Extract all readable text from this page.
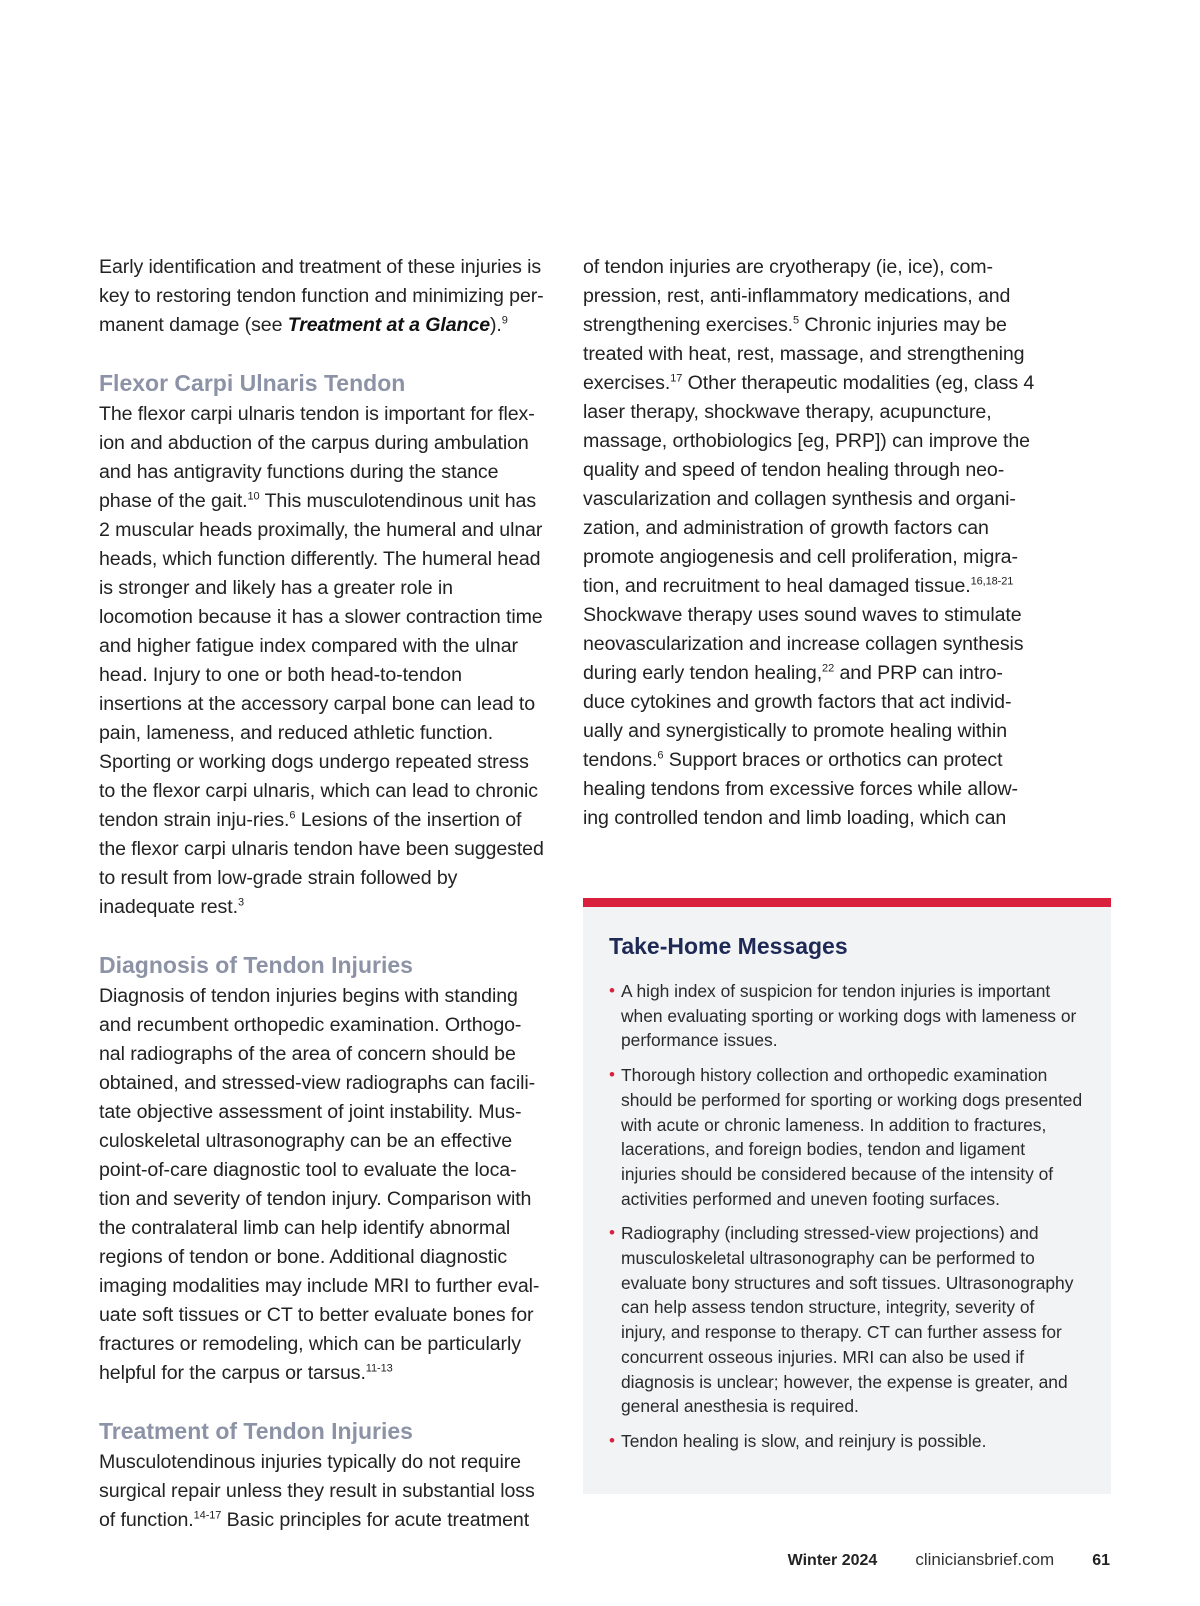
Early identification and treatment of these injuries is key to restoring tendon function and minimizing per-manent damage (see Treatment at a Glance).$^9$

Flexor Carpi Ulnaris Tendon

The flexor carpi ulnaris tendon is important for flex-ion and abduction of the carpus during ambulation and has antigravity functions during the stance phase of the gait.$^{10}$ This musculotendinous unit has 2 muscular heads proximally, the humeral and ulnar heads, which function differently. The humeral head is stronger and likely has a greater role in locomotion because it has a slower contraction time and higher fatigue index compared with the ulnar head. Injury to one or both head-to-tendon insertions at the accessory carpal bone can lead to pain, lameness, and reduced athletic function. Sporting or working dogs undergo repeated stress to the flexor carpi ulnaris, which can lead to chronic tendon strain inju-ries.$^6$ Lesions of the insertion of the flexor carpi ulnaris tendon have been suggested to result from low-grade strain followed by inadequate rest.$^3$

Diagnosis of Tendon Injuries

Diagnosis of tendon injuries begins with standing and recumbent orthopedic examination. Orthogo-nal radiographs of the area of concern should be obtained, and stressed-view radiographs can facili-tate objective assessment of joint instability. Mus-culoskeletal ultrasonography can be an effective point-of-care diagnostic tool to evaluate the loca-tion and severity of tendon injury. Comparison with the contralateral limb can help identify abnormal regions of tendon or bone. Additional diagnostic imaging modalities may include MRI to further eval-uate soft tissues or CT to better evaluate bones for fractures or remodeling, which can be particularly helpful for the carpus or tarsus.$^{11-13}$

Treatment of Tendon Injuries

Musculotendinous injuries typically do not require surgical repair unless they result in substantial loss of function.$^{14-17}$ Basic principles for acute treatment

of tendon injuries are cryotherapy (ie, ice), com-pression, rest, anti-inflammatory medications, and strengthening exercises.$^5$ Chronic injuries may be treated with heat, rest, massage, and strengthening exercises.$^{17}$ Other therapeutic modalities (eg, class 4 laser therapy, shockwave therapy, acupuncture, massage, orthobiologics [eg, PRP]) can improve the quality and speed of tendon healing through neo-vascularization and collagen synthesis and organi-zation, and administration of growth factors can promote angiogenesis and cell proliferation, migra-tion, and recruitment to heal damaged tissue.$^{16,18-21}$ Shockwave therapy uses sound waves to stimulate neovascularization and increase collagen synthesis during early tendon healing,$^{22}$ and PRP can intro-duce cytokines and growth factors that act individ-ually and synergistically to promote healing within tendons.$^6$ Support braces or orthotics can protect healing tendons from excessive forces while allow-ing controlled tendon and limb loading, which can

Take-Home Messages
• A high index of suspicion for tendon injuries is important when evaluating sporting or working dogs with lameness or performance issues.
• Thorough history collection and orthopedic examination should be performed for sporting or working dogs presented with acute or chronic lameness. In addition to fractures, lacerations, and foreign bodies, tendon and ligament injuries should be considered because of the intensity of activities performed and uneven footing surfaces.
• Radiography (including stressed-view projections) and musculoskeletal ultrasonography can be performed to evaluate bony structures and soft tissues. Ultrasonography can help assess tendon structure, integrity, severity of injury, and response to therapy. CT can further assess for concurrent osseous injuries. MRI can also be used if diagnosis is unclear; however, the expense is greater, and general anesthesia is required.
• Tendon healing is slow, and reinjury is possible.
Winter 2024 cliniciansbrief.com 61
